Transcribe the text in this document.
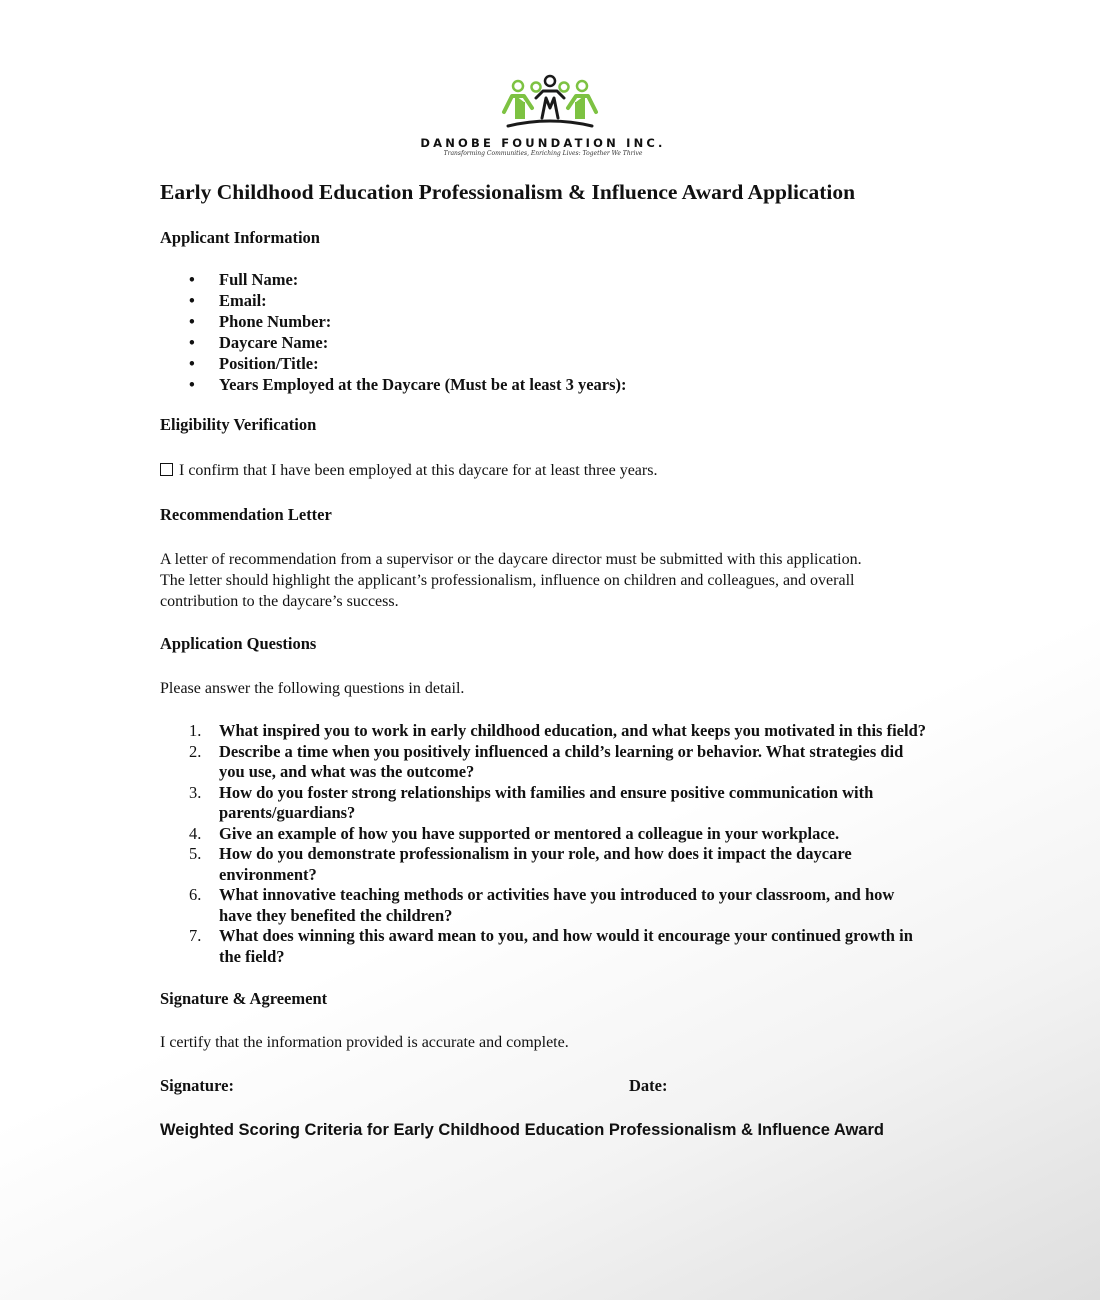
DANOBE FOUNDATION INC.
Transforming Communities, Enriching Lives: Together We Thrive
Early Childhood Education Professionalism & Influence Award Application
Applicant Information
• Full Name:
• Email:
• Phone Number:
• Daycare Name:
• Position/Title:
• Years Employed at the Daycare (Must be at least 3 years):
Eligibility Verification
I confirm that I have been employed at this daycare for at least three years.
Recommendation Letter

A letter of recommendation from a supervisor or the daycare director must be submitted with this application. The letter should highlight the applicant’s professionalism, influence on children and colleagues, and overall contribution to the daycare’s success.

Application Questions

Please answer the following questions in detail.

1. What inspired you to work in early childhood education, and what keeps you motivated in this field?
2. Describe a time when you positively influenced a child’s learning or behavior. What strategies did you use, and what was the outcome?
3. How do you foster strong relationships with families and ensure positive communication with parents/guardians?
4. Give an example of how you have supported or mentored a colleague in your workplace.
5. How do you demonstrate professionalism in your role, and how does it impact the daycare environment?
6. What innovative teaching methods or activities have you introduced to your classroom, and how have they benefited the children?
7. What does winning this award mean to you, and how would it encourage your continued growth in the field?
Signature & Agreement

I certify that the information provided is accurate and complete.

Signature:	Date:
Weighted Scoring Criteria for Early Childhood Education Professionalism & Influence Award
